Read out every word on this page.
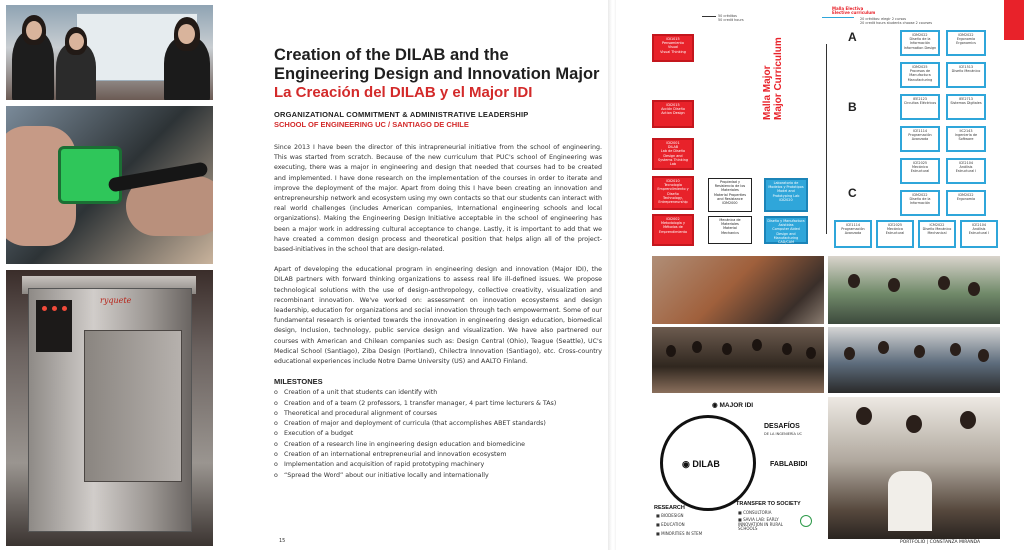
ryquete
Creation of the DILAB and the
Engineering Design and Innovation Major
La Creación del DILAB y el Major IDI
ORGANIZATIONAL COMMITMENT & ADMINISTRATIVE LEADERSHIP
SCHOOL OF ENGINEERING UC / SANTIAGO DE CHILE

Since 2013 I have been the director of this intrapreneurial initiative from the school of engineering. This was started from scratch. Because of the new curriculum that PUC's school of Engineering was executing, there was a major in engineering and design that needed that courses had to be created and implemented. I have done research on the implementation of the courses in order to iterate and improve the deployment of the major. Apart from doing this I have been creating an innovation and entrepreneurship network and ecosystem using my own contacts so that our students can interact with real world challenges (includes American companies, International engineering schools and local organizations). Making the Engineering Design Initiative acceptable in the school of engineering has been a major work in addressing cultural acceptance to change. Lastly, it is important to add that we have created a common design process and theoretical position that helps align all of the project-based-initiatives in the school that are design-related.

Apart of developing the educational program in engineering design and innovation (Major IDI), the DILAB partners with forward thinking organizations to assess real life ill-defined issues. We propose technological solutions with the use of design-anthropology, collective creativity, visualization and recombinant innovation. We've worked on: assessment on innovation ecosystems and design leadership, education for organizations and social innovation through tech empowerment. Some of our fundamental research is oriented towards the innovation in engineering design education, biomedical design, Inclusion, technology, public service design and visualization. We have also partnered our courses with American and Chilean companies such as: Design Central (Ohio), Teague (Seattle), UC's Medical School (Santiago), Ziba Design (Portland), Chilectra Innovation (Santiago), etc. Cross-country educational experiences include Notre Dame University (US) and AALTO Finland.

MILESTONES
o Creation of a unit that students can identify with
o Creation and of a team (2 professors, 1 transfer manager, 4 part time lecturers & TAs)
o Theoretical and procedural alignment of courses
o Creation of major and deployment of curricula (that accomplishes ABET standards)
o Execution of a budget
o Creation of a research line in engineering design education and biomedicine
o Creation of an international entrepreneurial and innovation ecosystem
o Implementation and acquisition of rapid prototyping machinery
o “Spread the Word” about our initiative locally and internationally
15
50 créditos
50 credit hours
Malla Electiva
Elective curriculum
20 créditos: elegir 2 cursos
20 credit hours students choose 2 courses
IDI1015
Pensamiento
Visual
Visual Thinking
IDI2015
Acción Diseño
Action Design
IDI2001
DILAB
Lab de Diseño
Design and
Systems Thinking Lab
IDI2010
Tecnología
Emprendimiento y
Diseño
Technology,
Entrepreneurship
IDI2002
Metodología y
Métodos de
Emprendimiento
Propiedad y
Resistencia de los
Materiales
Material Properties
and Resistance
IDM2000
Mecánica de
Materiales
Material
Mechanics
Laboratorio de
Modelos y Prototipos
Model and
Prototyping Lab
IDI2020
Diseño y Manufactura
Asistidas
Computer Aided
Design and Manufacturing
CAD/CAM
Malla Major
Major Curriculum
A
B
C
IDM2022
Diseño de la
Información
Information Design
IDM2022
Ergonomía
Ergonomics
IDM2025
Procesos de
Manufactura
Manufacturing
ICE1513
Diseño Mecánico
IEE2123
Circuitos Eléctricos
IEE2713
Sistemas Digitales
ICE1114
Programación
Avanzada
IIC2143
Ingeniería de
Software
ICE2025
Mecánica
Estructural
ICE2104
Análisis
Estructural I
IDM2022
Diseño de la
Información
IDM2022
Ergonomía
ICE1114
Programación
Avanzada
ICE2025
Mecánica
Estructural
ICM2022
Diseño Mecánico
Mechanical
ICE2104
Análisis
Estructural I
◉ MAJOR IDI
DESAFÍOS
DE LA INGENIERÍA UC
◉ DILAB	FABLABIDI
RESEARCH
■ BIODESIGN
■ EDUCATION
■ MINORITIES IN STEM
TRANSFER TO SOCIETY
■ CONSULTORIA
■ SAVIA LAB: EARLY INNOVATION IN RURAL SCHOOLS
PORTFOLIO | CONSTANZA MIRANDA
